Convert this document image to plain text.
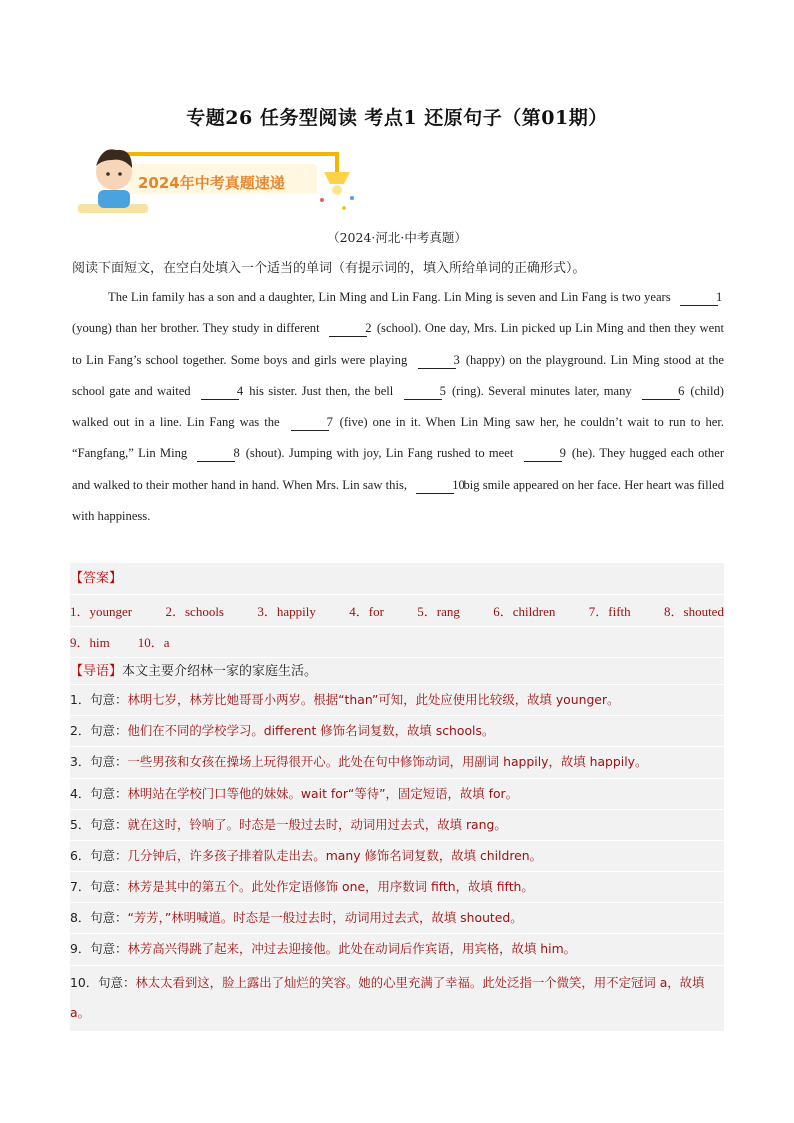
专题26 任务型阅读 考点1 还原句子（第01期）
2024年中考真题速递
（2024·河北·中考真题）
阅读下面短文，在空白处填入一个适当的单词（有提示词的，填入所给单词的正确形式）。

The Lin family has a son and a daughter, Lin Ming and Lin Fang. Lin Ming is seven and Lin Fang is two years	1 (young) than her brother. They study in different	2 (school). One day, Mrs. Lin picked up Lin Ming and then they went to Lin Fang’s school together. Some boys and girls were playing	3 (happy) on the playground. Lin Ming stood at the school gate and waited	4 his sister. Just then, the bell	5 (ring). Several minutes later, many	6 (child) walked out in a line. Lin Fang was the	7 (five) one in it. When Lin Ming saw her, he couldn’t wait to run to her. “Fangfang,” Lin Ming	8 (shout). Jumping with joy, Lin Fang rushed to meet	9 (he). They hugged each other and walked to their mother hand in hand. When Mrs. Lin saw this,	10 big smile appeared on her face. Her heart was filled with happiness.

【答案】
1．younger	2．schools	3．happily	4．for	5．rang	6．children	7．fifth	8．shouted
9．him 10．a
【导语】本文主要介绍林一家的家庭生活。
1．句意：林明七岁，林芳比她哥哥小两岁。根据“than”可知，此处应使用比较级，故填 younger。
2．句意：他们在不同的学校学习。different 修饰名词复数，故填 schools。
3．句意：一些男孩和女孩在操场上玩得很开心。此处在句中修饰动词，用副词 happily，故填 happily。
4．句意：林明站在学校门口等他的妹妹。wait for“等待”，固定短语，故填 for。
5．句意：就在这时，铃响了。时态是一般过去时，动词用过去式，故填 rang。
6．句意：几分钟后，许多孩子排着队走出去。many 修饰名词复数，故填 children。
7．句意：林芳是其中的第五个。此处作定语修饰 one，用序数词 fifth，故填 fifth。
8．句意：“芳芳，”林明喊道。时态是一般过去时，动词用过去式，故填 shouted。
9．句意：林芳高兴得跳了起来，冲过去迎接他。此处在动词后作宾语，用宾格，故填 him。
10．句意：林太太看到这，脸上露出了灿烂的笑容。她的心里充满了幸福。此处泛指一个微笑，用不定冠词 a，故填 a。
